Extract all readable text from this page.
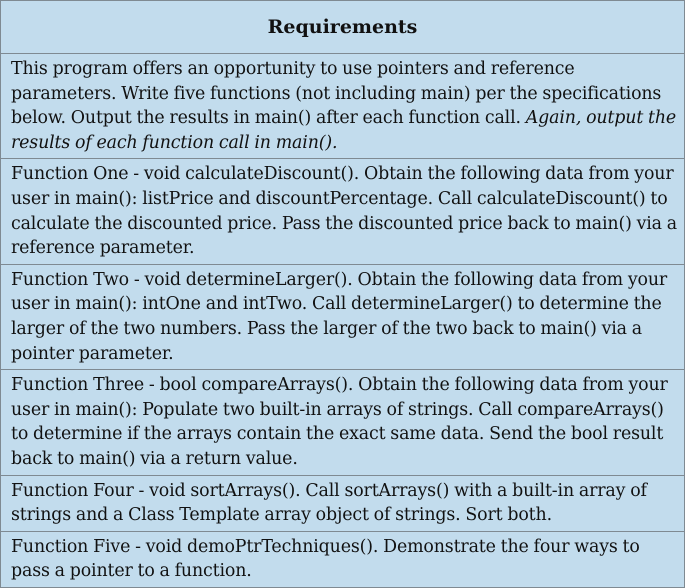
Requirements

This program offers an opportunity to use pointers and reference parameters. Write five functions (not including main) per the specifications below. Output the results in main() after each function call. Again, output the results of each function call in main().

Function One - void calculateDiscount(). Obtain the following data from your user in main(): listPrice and discountPercentage. Call calculateDiscount() to calculate the discounted price. Pass the discounted price back to main() via a reference parameter.

Function Two - void determineLarger(). Obtain the following data from your user in main(): intOne and intTwo. Call determineLarger() to determine the larger of the two numbers. Pass the larger of the two back to main() via a pointer parameter.

Function Three - bool compareArrays(). Obtain the following data from your user in main(): Populate two built-in arrays of strings. Call compareArrays() to determine if the arrays contain the exact same data. Send the bool result back to main() via a return value.

Function Four - void sortArrays(). Call sortArrays() with a built-in array of strings and a Class Template array object of strings. Sort both.

Function Five - void demoPtrTechniques(). Demonstrate the four ways to pass a pointer to a function.
